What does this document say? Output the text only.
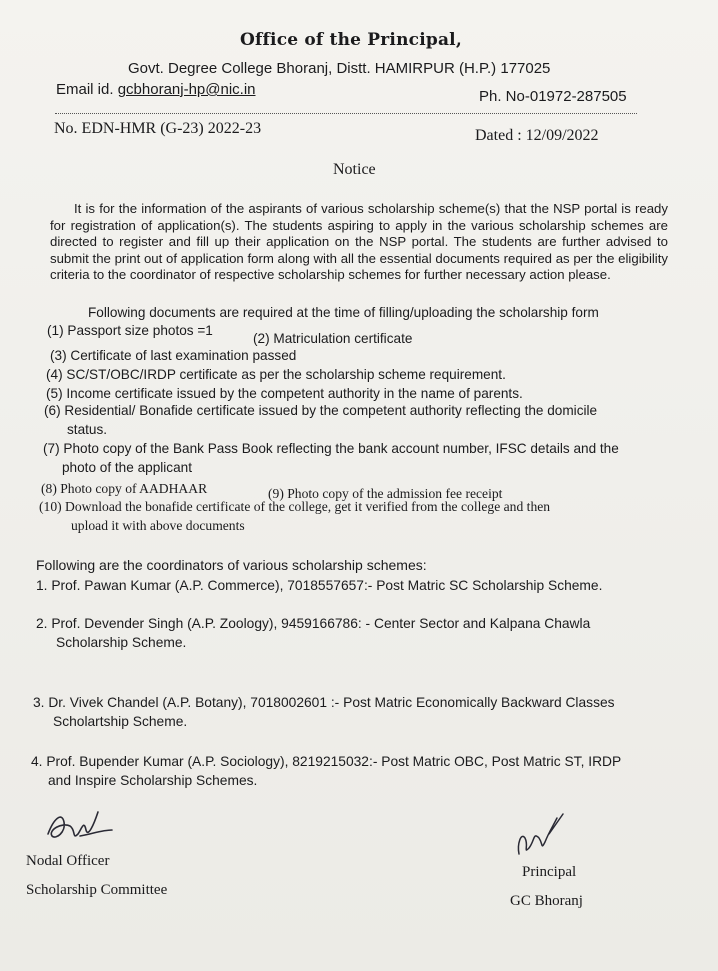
Office of the Principal,
Govt. Degree College Bhoranj, Distt. HAMIRPUR (H.P.) 177025
Email id. gcbhoranj-hp@nic.in	Ph. No-01972-287505
No. EDN-HMR (G-23) 2022-23	Dated : 12/09/2022
Notice
It is for the information of the aspirants of various scholarship scheme(s) that the NSP portal is ready for registration of application(s). The students aspiring to apply in the various scholarship schemes are directed to register and fill up their application on the NSP portal. The students are further advised to submit the print out of application form along with all the essential documents required as per the eligibility criteria to the coordinator of respective scholarship schemes for further necessary action please.
Following documents are required at the time of filling/uploading the scholarship form
(1) Passport size photos =1
(2) Matriculation certificate
(3) Certificate of last examination passed
(4) SC/ST/OBC/IRDP certificate as per the scholarship scheme requirement.
(5) Income certificate issued by the competent authority in the name of parents.
(6) Residential/ Bonafide certificate issued by the competent authority reflecting the domicile
status.
(7) Photo copy of the Bank Pass Book reflecting the bank account number, IFSC details and the
photo of the applicant
(8) Photo copy of AADHAAR	(9) Photo copy of the admission fee receipt
(10) Download the bonafide certificate of the college, get it verified from the college and then
upload it with above documents
Following are the coordinators of various scholarship schemes:
1. Prof. Pawan Kumar (A.P. Commerce), 7018557657:- Post Matric SC Scholarship Scheme.
2. Prof. Devender Singh (A.P. Zoology), 9459166786: - Center Sector and Kalpana Chawla
Scholarship Scheme.
3. Dr. Vivek Chandel (A.P. Botany), 7018002601 :- Post Matric Economically Backward Classes
Scholartship Scheme.
4. Prof. Bupender Kumar (A.P. Sociology), 8219215032:- Post Matric OBC, Post Matric ST, IRDP
and Inspire Scholarship Schemes.
Nodal Officer
Scholarship Committee
Principal
GC Bhoranj
